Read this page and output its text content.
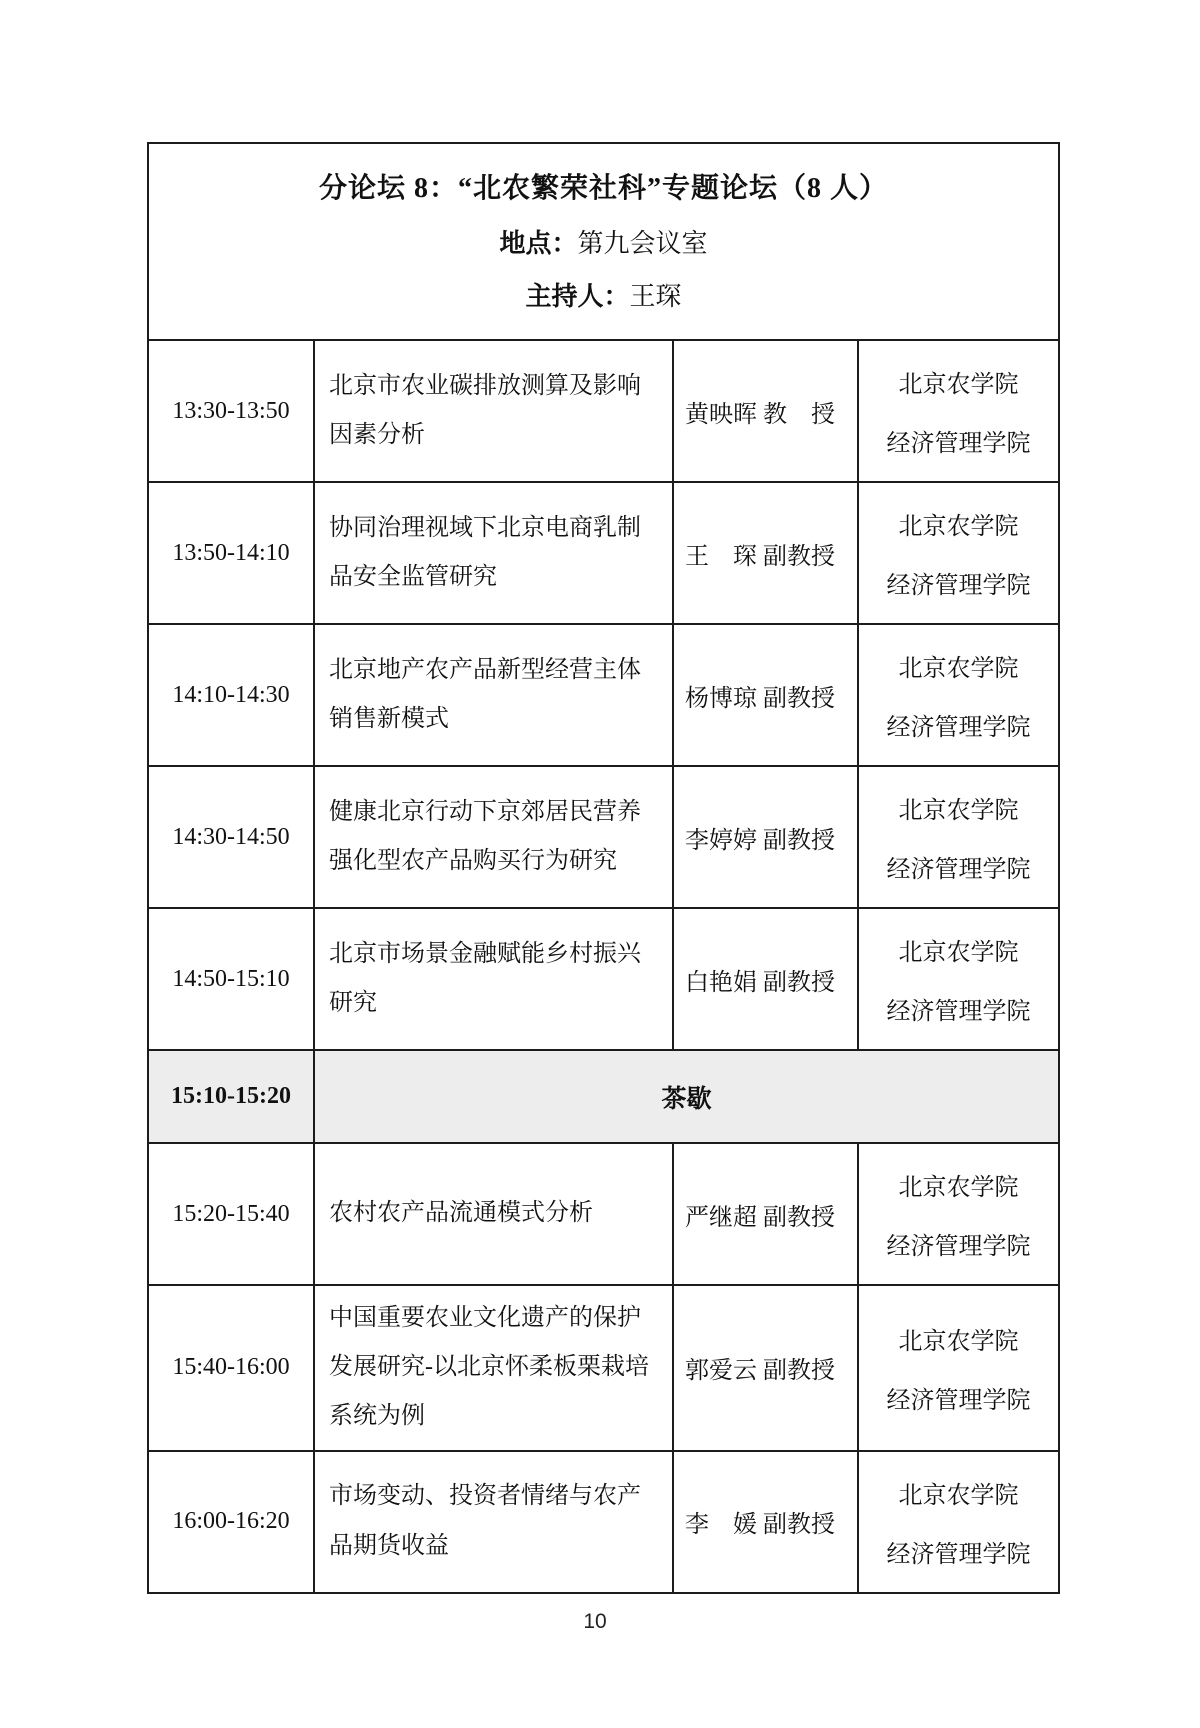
分论坛 8：“北农繁荣社科”专题论坛（8 人）
地点：第九会议室
主持人：王琛			

13:30-13:50	北京市农业碳排放测算及影响因素分析	黄映晖 教　授	北京农学院
经济管理学院

13:50-14:10	协同治理视域下北京电商乳制品安全监管研究	王　琛 副教授	北京农学院
经济管理学院

14:10-14:30	北京地产农产品新型经营主体销售新模式	杨博琼 副教授	北京农学院
经济管理学院

14:30-14:50	健康北京行动下京郊居民营养强化型农产品购买行为研究	李婷婷 副教授	北京农学院
经济管理学院

14:50-15:10	北京市场景金融赋能乡村振兴研究	白艳娟 副教授	北京农学院
经济管理学院

15:10-15:20	茶歇		
15:20-15:40	农村农产品流通模式分析	严继超 副教授	北京农学院
经济管理学院

15:40-16:00	中国重要农业文化遗产的保护发展研究-以北京怀柔板栗栽培系统为例	郭爱云 副教授	北京农学院
经济管理学院

16:00-16:20	市场变动、投资者情绪与农产品期货收益	李　媛 副教授	北京农学院
经济管理学院
10
